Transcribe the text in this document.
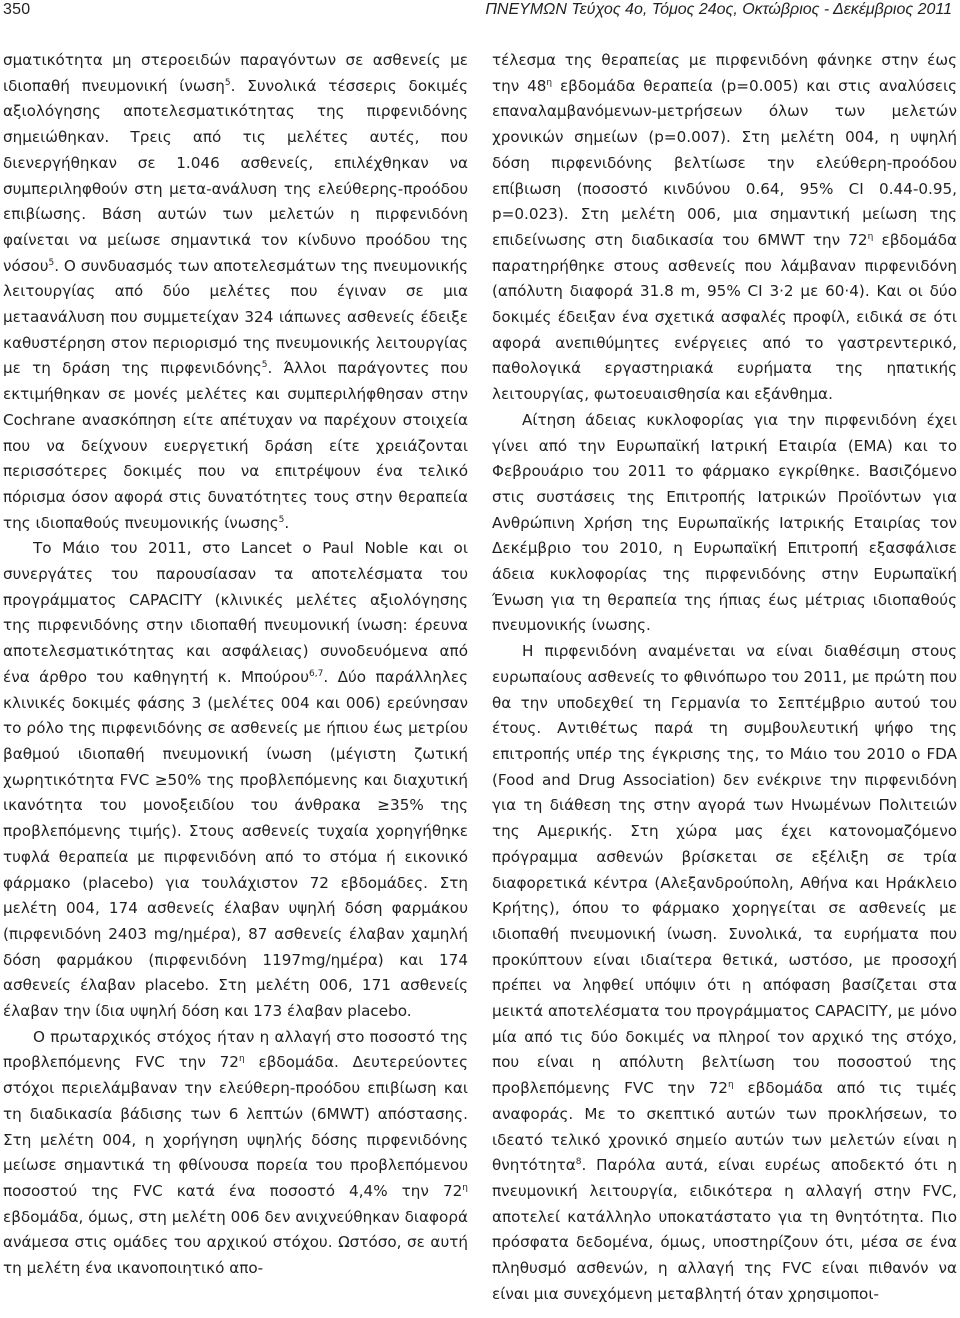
350	ΠΝΕΥΜΩΝ Τεύχος 4ο, Τόμος 24ος, Οκτώβριος - Δεκέμβριος 2011

σματικότητα μη στεροειδών παραγόντων σε ασθενείς με ιδιοπαθή πνευμονική ίνωση$^5$. Συνολικά τέσσερις δοκιμές αξιολόγησης αποτελεσματικότητας της πιρφενιδόνης σημειώθηκαν. Τρεις από τις μελέτες αυτές, που διενεργήθηκαν σε 1.046 ασθενείς, επιλέχθηκαν να συμπεριληφθούν στη μετα-ανάλυση της ελεύθερης-προόδου επιβίωσης. Βάση αυτών των μελετών η πιρφενιδόνη φαίνεται να μείωσε σημαντικά τον κίνδυνο προόδου της νόσου$^5$. Ο συνδυασμός των αποτελεσμάτων της πνευμονικής λειτουργίας από δύο μελέτες που έγιναν σε μια μετaανάλυση που συμμετείχαν 324 ιάπωνες ασθενείς έδειξε καθυστέρηση στον περιορισμό της πνευμονικής λειτουργίας με τη δράση της πιρφενιδόνης$^5$. Άλλοι παράγοντες που εκτιμήθηκαν σε μονές μελέτες και συμπεριλήφθησαν στην Cochrane ανασκόπηση είτε απέτυχαν να παρέχουν στοιχεία που να δείχνουν ευεργετική δράση είτε χρειάζονται περισσότερες δοκιμές που να επιτρέψουν ένα τελικό πόρισμα όσον αφορά στις δυνατότητες τους στην θεραπεία της ιδιοπαθούς πνευμονικής ίνωσης$^5$.

Το Μάιο του 2011, στο Lancet ο Paul Noble και οι συνεργάτες του παρουσίασαν τα αποτελέσματα του προγράμματος CAPACITY (κλινικές μελέτες αξιολόγησης της πιρφενιδόνης στην ιδιοπαθή πνευμονική ίνωση: έρευνα αποτελεσματικότητας και ασφάλειας) συνοδευόμενα από ένα άρθρο του καθηγητή κ. Μπούρου$^{6,7}$. Δύο παράλληλες κλινικές δοκιμές φάσης 3 (μελέτες 004 και 006) ερεύνησαν το ρόλο της πιρφενιδόνης σε ασθενείς με ήπιου έως μετρίου βαθμού ιδιοπαθή πνευμονική ίνωση (μέγιστη ζωτική χωρητικότητα FVC ≥50% της προβλεπόμενης και διαχυτική ικανότητα του μονοξειδίου του άνθρακα ≥35% της προβλεπόμενης τιμής). Στους ασθενείς τυχαία χορηγήθηκε τυφλά θεραπεία με πιρφενιδόνη από το στόμα ή εικονικό φάρμακο (placebo) για τουλάχιστον 72 εβδομάδες. Στη μελέτη 004, 174 ασθενείς έλαβαν υψηλή δόση φαρμάκου (πιρφενιδόνη 2403 mg/ημέρα), 87 ασθενείς έλαβαν χαμηλή δόση φαρμάκου (πιρφενιδόνη 1197mg/ημέρα) και 174 ασθενείς έλαβαν placebo. Στη μελέτη 006, 171 ασθενείς έλαβαν την ίδια υψηλή δόση και 173 έλαβαν placebo.

Ο πρωταρχικός στόχος ήταν η αλλαγή στο ποσοστό της προβλεπόμενης FVC την $72^\eta$ εβδομάδα. Δευτερεύοντες στόχοι περιελάμβαναν την ελεύθερη-προόδου επιβίωση και τη διαδικασία βάδισης των 6 λεπτών (6MWT) απόστασης. Στη μελέτη 004, η χορήγηση υψηλής δόσης πιρφενιδόνης μείωσε σημαντικά τη φθίνουσα πορεία του προβλεπόμενου ποσοστού της FVC κατά ένα ποσοστό 4,4% την $72^\eta$ εβδομάδα, όμως, στη μελέτη 006 δεν ανιχνεύθηκαν διαφορά ανάμεσα στις ομάδες του αρχικού στόχου. Ωστόσο, σε αυτή τη μελέτη ένα ικανοποιητικό απο-

τέλεσμα της θεραπείας με πιρφενιδόνη φάνηκε στην έως την $48^\eta$ εβδομάδα θεραπεία (p=0.005) και στις αναλύσεις επαναλαμβανόμενων-μετρήσεων όλων των μελετών χρονικών σημείων (p=0.007). Στη μελέτη 004, η υψηλή δόση πιρφενιδόνης βελτίωσε την ελεύθερη-προόδου επίβιωση (ποσοστό κινδύνου 0.64, 95% CI 0.44-0.95, p=0.023). Στη μελέτη 006, μια σημαντική μείωση της επιδείνωσης στη διαδικασία του 6MWT την $72^\eta$ εβδομάδα παρατηρήθηκε στους ασθενείς που λάμβαναν πιρφενιδόνη (απόλυτη διαφορά 31.8 m, 95% CI 3·2 με 60·4). Και οι δύο δοκιμές έδειξαν ένα σχετικά ασφαλές προφίλ, ειδικά σε ότι αφορά ανεπιθύμητες ενέργειες από το γαστρεντερικό, παθολογικά εργαστηριακά ευρήματα της ηπατικής λειτουργίας, φωτοευαισθησία και εξάνθημα.

Αίτηση άδειας κυκλοφορίας για την πιρφενιδόνη έχει γίνει από την Ευρωπαϊκή Ιατρική Εταιρία (ΕΜΑ) και το Φεβρουάριο του 2011 το φάρμακο εγκρίθηκε. Βασιζόμενο στις συστάσεις της Επιτροπής Ιατρικών Προϊόντων για Ανθρώπινη Χρήση της Ευρωπαϊκής Ιατρικής Εταιρίας τον Δεκέμβριο του 2010, η Ευρωπαϊκή Επιτροπή εξασφάλισε άδεια κυκλοφορίας της πιρφενιδόνης στην Ευρωπαϊκή Ένωση για τη θεραπεία της ήπιας έως μέτριας ιδιοπαθούς πνευμονικής ίνωσης.

Η πιρφενιδόνη αναμένεται να είναι διαθέσιμη στους ευρωπαίους ασθενείς το φθινόπωρο του 2011, με πρώτη που θα την υποδεχθεί τη Γερμανία το Σεπτέμβριο αυτού του έτους. Αντιθέτως παρά τη συμβουλευτική ψήφο της επιτροπής υπέρ της έγκρισης της, το Μάιο του 2010 ο FDA (Food and Drug Association) δεν ενέκρινε την πιρφενιδόνη για τη διάθεση της στην αγορά των Ηνωμένων Πολιτειών της Αμερικής. Στη χώρα μας έχει κατονομαζόμενο πρόγραμμα ασθενών βρίσκεται σε εξέλιξη σε τρία διαφορετικά κέντρα (Αλεξανδρούπολη, Αθήνα και Ηράκλειο Κρήτης), όπου το φάρμακο χορηγείται σε ασθενείς με ιδιοπαθή πνευμονική ίνωση. Συνολικά, τα ευρήματα που προκύπτουν είναι ιδιαίτερα θετικά, ωστόσο, με προσοχή πρέπει να ληφθεί υπόψιν ότι η απόφαση βασίζεται στα μεικτά αποτελέσματα του προγράμματος CAPACITY, με μόνο μία από τις δύο δοκιμές να πληροί τον αρχικό της στόχο, που είναι η απόλυτη βελτίωση του ποσοστού της προβλεπόμενης FVC την $72^\eta$ εβδομάδα από τις τιμές αναφοράς. Με το σκεπτικό αυτών των προκλήσεων, το ιδεατό τελικό χρονικό σημείο αυτών των μελετών είναι η θνητότητα$^8$. Παρόλα αυτά, είναι ευρέως αποδεκτό ότι η πνευμονική λειτουργία, ειδικότερα η αλλαγή στην FVC, αποτελεί κατάλληλο υποκατάστατο για τη θνητότητα. Πιο πρόσφατα δεδομένα, όμως, υποστηρίζουν ότι, μέσα σε ένα πληθυσμό ασθενών, η αλλαγή της FVC είναι πιθανόν να είναι μια συνεχόμενη μεταβλητή όταν χρησιμοποι-
